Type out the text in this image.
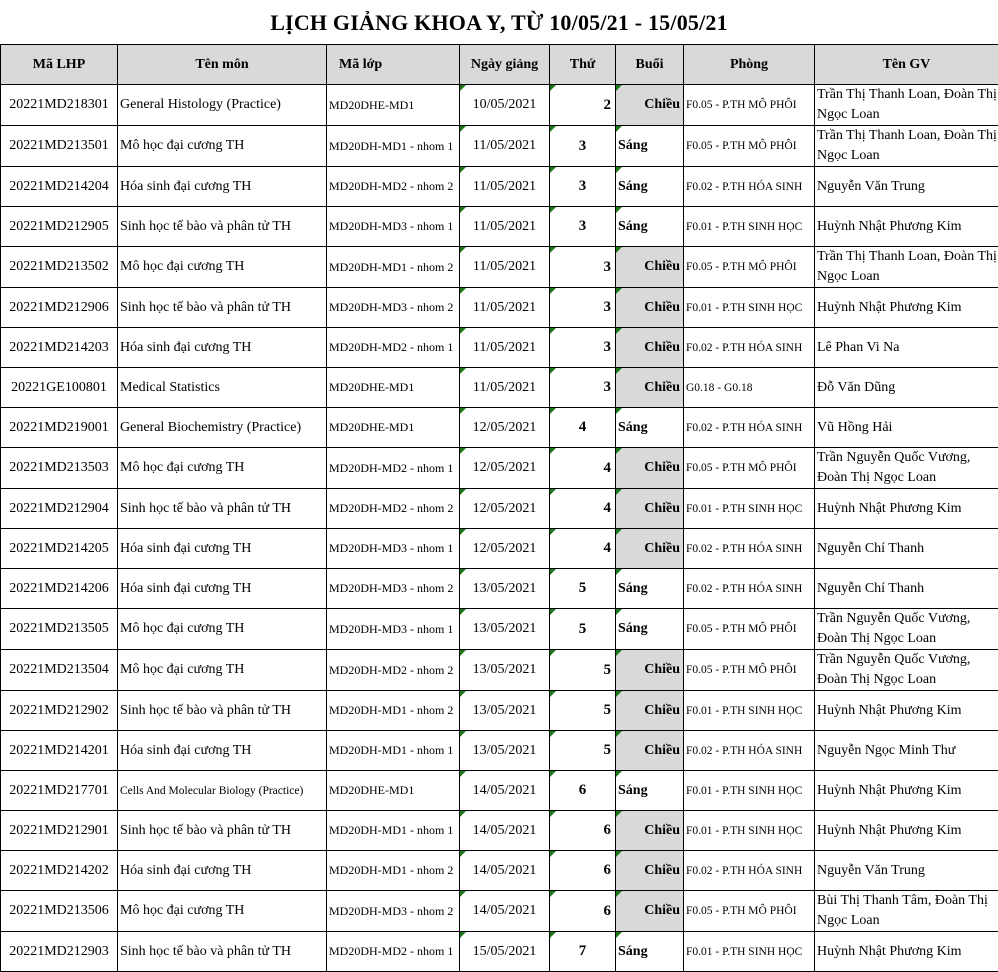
LỊCH GIẢNG KHOA Y, TỪ 10/05/21 - 15/05/21
Mã LHP	Tên môn	Mã lớp	Ngày giảng	Thứ	Buổi	Phòng	Tên GV
20221MD218301	General Histology (Practice)	MD20DHE-MD1	10/05/2021	2	Chiều	F0.05 - P.TH MÔ PHÔI	Trần Thị Thanh Loan, Đoàn Thị Ngọc Loan
20221MD213501	Mô học đại cương TH	MD20DH-MD1 - nhom 1	11/05/2021	3	Sáng	F0.05 - P.TH MÔ PHÔI	Trần Thị Thanh Loan, Đoàn Thị Ngọc Loan
20221MD214204	Hóa sinh đại cương TH	MD20DH-MD2 - nhom 2	11/05/2021	3	Sáng	F0.02 - P.TH HÓA SINH	Nguyễn Văn Trung
20221MD212905	Sinh học tế bào và phân tử TH	MD20DH-MD3 - nhom 1	11/05/2021	3	Sáng	F0.01 - P.TH SINH HỌC	Huỳnh Nhật Phương Kim
20221MD213502	Mô học đại cương TH	MD20DH-MD1 - nhom 2	11/05/2021	3	Chiều	F0.05 - P.TH MÔ PHÔI	Trần Thị Thanh Loan, Đoàn Thị Ngọc Loan
20221MD212906	Sinh học tế bào và phân tử TH	MD20DH-MD3 - nhom 2	11/05/2021	3	Chiều	F0.01 - P.TH SINH HỌC	Huỳnh Nhật Phương Kim
20221MD214203	Hóa sinh đại cương TH	MD20DH-MD2 - nhom 1	11/05/2021	3	Chiều	F0.02 - P.TH HÓA SINH	Lê Phan Vi Na
20221GE100801	Medical Statistics	MD20DHE-MD1	11/05/2021	3	Chiều	G0.18 - G0.18	Đỗ Văn Dũng
20221MD219001	General Biochemistry (Practice)	MD20DHE-MD1	12/05/2021	4	Sáng	F0.02 - P.TH HÓA SINH	Vũ Hồng Hải
20221MD213503	Mô học đại cương TH	MD20DH-MD2 - nhom 1	12/05/2021	4	Chiều	F0.05 - P.TH MÔ PHÔI	Trần Nguyễn Quốc Vương, Đoàn Thị Ngọc Loan
20221MD212904	Sinh học tế bào và phân tử TH	MD20DH-MD2 - nhom 2	12/05/2021	4	Chiều	F0.01 - P.TH SINH HỌC	Huỳnh Nhật Phương Kim
20221MD214205	Hóa sinh đại cương TH	MD20DH-MD3 - nhom 1	12/05/2021	4	Chiều	F0.02 - P.TH HÓA SINH	Nguyễn Chí Thanh
20221MD214206	Hóa sinh đại cương TH	MD20DH-MD3 - nhom 2	13/05/2021	5	Sáng	F0.02 - P.TH HÓA SINH	Nguyễn Chí Thanh
20221MD213505	Mô học đại cương TH	MD20DH-MD3 - nhom 1	13/05/2021	5	Sáng	F0.05 - P.TH MÔ PHÔI	Trần Nguyễn Quốc Vương, Đoàn Thị Ngọc Loan
20221MD213504	Mô học đại cương TH	MD20DH-MD2 - nhom 2	13/05/2021	5	Chiều	F0.05 - P.TH MÔ PHÔI	Trần Nguyễn Quốc Vương, Đoàn Thị Ngọc Loan
20221MD212902	Sinh học tế bào và phân tử TH	MD20DH-MD1 - nhom 2	13/05/2021	5	Chiều	F0.01 - P.TH SINH HỌC	Huỳnh Nhật Phương Kim
20221MD214201	Hóa sinh đại cương TH	MD20DH-MD1 - nhom 1	13/05/2021	5	Chiều	F0.02 - P.TH HÓA SINH	Nguyễn Ngọc Minh Thư
20221MD217701	Cells And Molecular Biology (Practice)	MD20DHE-MD1	14/05/2021	6	Sáng	F0.01 - P.TH SINH HỌC	Huỳnh Nhật Phương Kim
20221MD212901	Sinh học tế bào và phân tử TH	MD20DH-MD1 - nhom 1	14/05/2021	6	Chiều	F0.01 - P.TH SINH HỌC	Huỳnh Nhật Phương Kim
20221MD214202	Hóa sinh đại cương TH	MD20DH-MD1 - nhom 2	14/05/2021	6	Chiều	F0.02 - P.TH HÓA SINH	Nguyễn Văn Trung
20221MD213506	Mô học đại cương TH	MD20DH-MD3 - nhom 2	14/05/2021	6	Chiều	F0.05 - P.TH MÔ PHÔI	Bùi Thị Thanh Tâm, Đoàn Thị Ngọc Loan
20221MD212903	Sinh học tế bào và phân tử TH	MD20DH-MD2 - nhom 1	15/05/2021	7	Sáng	F0.01 - P.TH SINH HỌC	Huỳnh Nhật Phương Kim
